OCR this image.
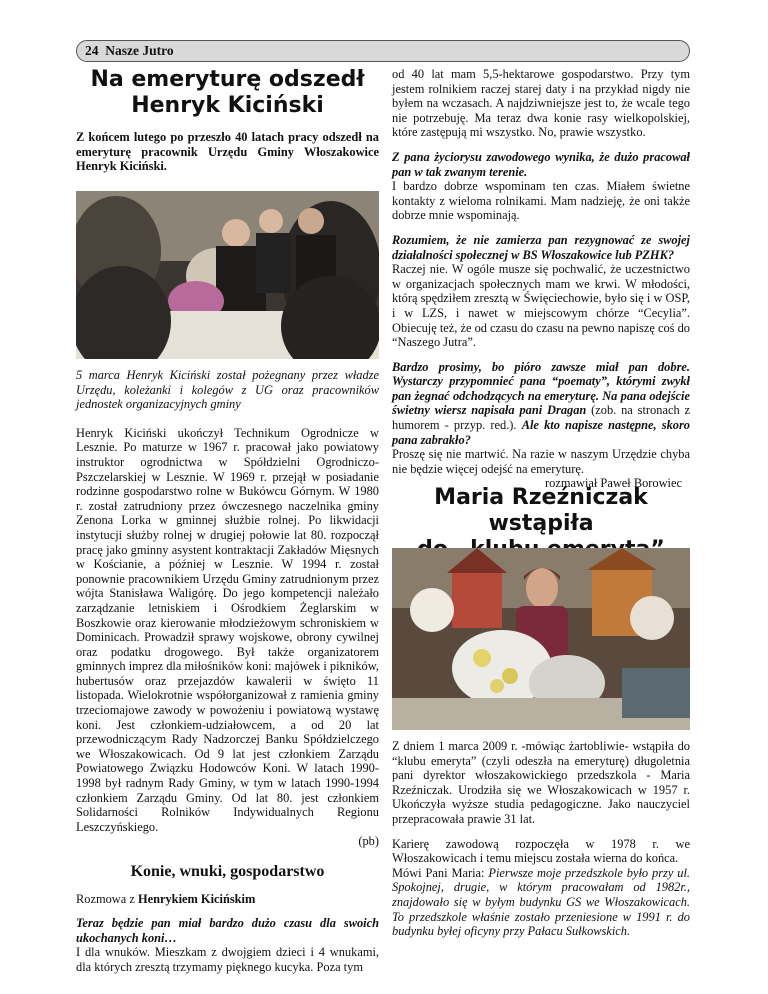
24 Nasze Jutro
Na emeryturę odszedł
Henryk Kiciński

Z końcem lutego po przeszło 40 latach pracy odszedł na emeryturę pracownik Urzędu Gminy Włoszakowice Henryk Kiciński.

5 marca Henryk Kiciński został pożegnany przez władze Urzędu, koleżanki i kolegów z UG oraz pracowników jednostek organizacyjnych gminy

Henryk Kiciński ukończył Technikum Ogrodnicze w Lesznie. Po maturze w 1967 r. pracował jako powiatowy instruktor ogrodnictwa w Spółdzielni Ogrodniczo-Pszczelarskiej w Lesznie. W 1969 r. przejął w posiadanie rodzinne gospodarstwo rolne w Bukówcu Górnym. W 1980 r. został zatrudniony przez ówczesnego naczelnika gminy Zenona Lorka w gminnej służbie rolnej. Po likwidacji instytucji służby rolnej w drugiej połowie lat 80. rozpoczął pracę jako gminny asystent kontraktacji Zakładów Mięsnych w Kościanie, a później w Lesznie. W 1994 r. został ponownie pracownikiem Urzędu Gminy zatrudnionym przez wójta Stanisława Waligórę. Do jego kompetencji należało zarządzanie letniskiem i Ośrodkiem Żeglarskim w Boszkowie oraz kierowanie młodzieżowym schroniskiem w Dominicach. Prowadził sprawy wojskowe, obrony cywilnej oraz podatku drogowego. Był także organizatorem gminnych imprez dla miłośników koni: majówek i pikników, hubertusów oraz przejazdów kawalerii w święto 11 listopada. Wielokrotnie współorganizował z ramienia gminy trzeciomajowe zawody w powożeniu i powiatową wystawę koni. Jest członkiem-udziałowcem, a od 20 lat przewodniczącym Rady Nadzorczej Banku Spółdzielczego we Włoszakowicach. Od 9 lat jest członkiem Zarządu Powiatowego Związku Hodowców Koni. W latach 1990-1998 był radnym Rady Gminy, w tym w latach 1990-1994 członkiem Zarządu Gminy. Od lat 80. jest członkiem Solidarności Rolników Indywidualnych Regionu Leszczyńskiego.

(pb)

Konie, wnuki, gospodarstwo

Rozmowa z Henrykiem Kicińskim

Teraz będzie pan miał bardzo dużo czasu dla swoich ukochanych koni…

I dla wnuków. Mieszkam z dwojgiem dzieci i 4 wnukami, dla których zresztą trzymamy pięknego kucyka. Poza tym

od 40 lat mam 5,5-hektarowe gospodarstwo. Przy tym jestem rolnikiem raczej starej daty i na przykład nigdy nie byłem na wczasach. A najdziwniejsze jest to, że wcale tego nie potrzebuję. Ma teraz dwa konie rasy wielkopolskiej, które zastępują mi wszystko. No, prawie wszystko.

Z pana życiorysu zawodowego wynika, że dużo pracował pan w tak zwanym terenie.

I bardzo dobrze wspominam ten czas. Miałem świetne kontakty z wieloma rolnikami. Mam nadzieję, że oni także dobrze mnie wspominają.

Rozumiem, że nie zamierza pan rezygnować ze swojej działalności społecznej w BS Włoszakowice lub PZHK?

Raczej nie. W ogóle musze się pochwalić, że uczestnictwo w organizacjach społecznych mam we krwi. W młodości, którą spędziłem zresztą w Święciechowie, było się i w OSP, i w LZS, i nawet w miejscowym chórze “Cecylia”. Obiecuję też, że od czasu do czasu na pewno napiszę coś do “Naszego Jutra”.

Bardzo prosimy, bo pióro zawsze miał pan dobre. Wystarczy przypomnieć pana “poematy”, którymi zwykł pan żegnać odchodzących na emeryturę. Na pana odejście świetny wiersz napisała pani Dragan (zob. na stronach z humorem - przyp. red.). Ale kto napisze następne, skoro pana zabrakło?

Proszę się nie martwić. Na razie w naszym Urzędzie chyba nie będzie więcej odejść na emeryturę.

rozmawiał Paweł Borowiec

Maria Rzeźniczak wstąpiła

Z dniem 1 marca 2009 r. -mówiąc żartobliwie- wstąpiła do “klubu emeryta” (czyli odeszła na emeryturę) długoletnia pani dyrektor włoszakowickiego przedszkola - Maria Rzeźniczak. Urodziła się we Włoszakowicach w 1957 r. Ukończyła wyższe studia pedagogiczne. Jako nauczyciel przepracowała prawie 31 lat.

Karierę zawodową rozpoczęła w 1978 r. we Włoszakowicach i temu miejscu została wierna do końca.

Mówi Pani Maria: Pierwsze moje przedszkole było przy ul. Spokojnej, drugie, w którym pracowałam od 1982r., znajdowało się w byłym budynku GS we Włoszakowicach. To przedszkole właśnie zostało przeniesione w 1991 r. do budynku byłej oficyny przy Pałacu Sułkowskich.
